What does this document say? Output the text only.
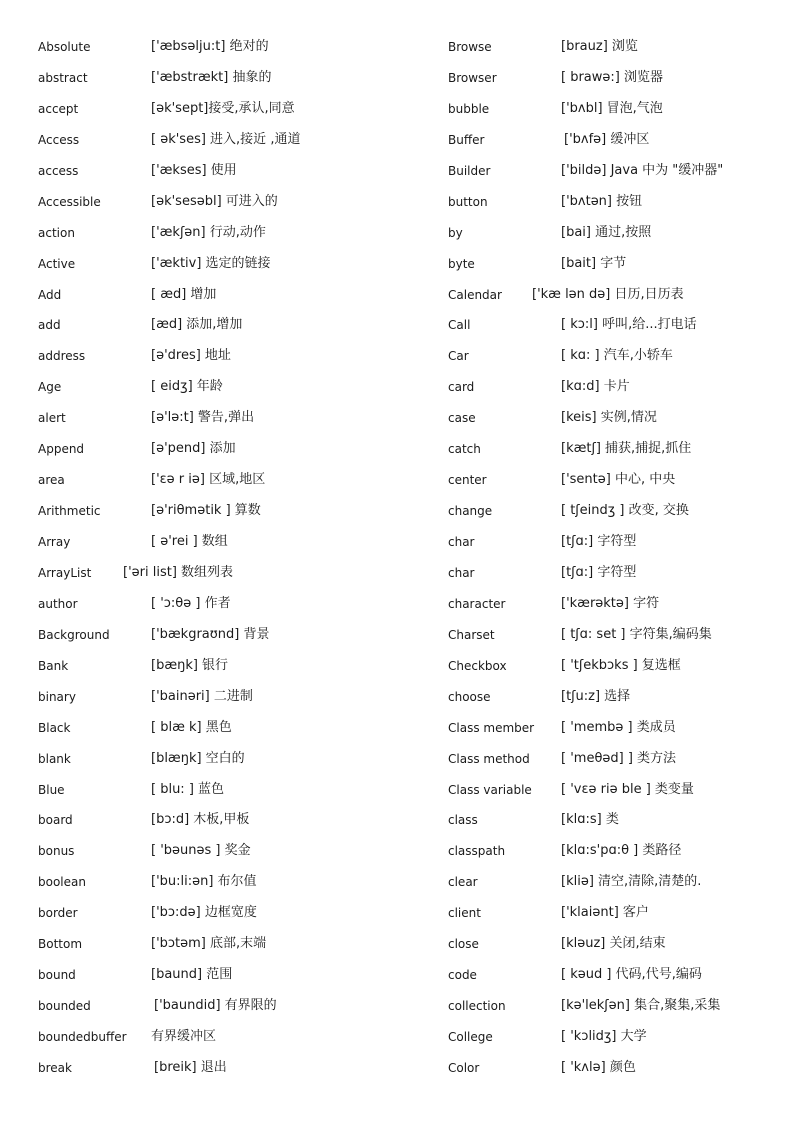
Absolute	['æbsəlju:t] 绝对的
abstract	['æbstrækt] 抽象的
accept	[ək'sept]接受,承认,同意
Access	[ ək'ses] 进入,接近 ,通道
access	['ækses] 使用
Accessible	[ək'sesəbl] 可进入的
action	['ækʃən] 行动,动作
Active	['æktiv] 选定的链接
Add	[ æd] 增加
add	[æd] 添加,增加
address	[ə'dres] 地址
Age	[ eidʒ] 年龄
alert	[ə'lə:t] 警告,弹出
Append	[ə'pend] 添加
area	['ɛə r iə] 区域,地区
Arithmetic	[ə'riθmətik ] 算数
Array	[ ə'rei ] 数组
ArrayList ['əri list] 数组列表
author	[ 'ɔ:θə ] 作者
Background	['bækgraʊnd] 背景
Bank	[bæŋk] 银行
binary	['bainəri] 二进制
Black	[ blæ k] 黑色
blank	[blæŋk] 空白的
Blue	[ blu: ] 蓝色
board	[bɔ:d] 木板,甲板
bonus	[ 'bəunəs ] 奖金
boolean	['bu:li:ən] 布尔值
border	['bɔ:də] 边框宽度
Bottom	['bɔtəm] 底部,末端
bound	[baund] 范围
bounded	['baundid] 有界限的
boundedbuffer 有界缓冲区
break	[breik] 退出
Browse	[brauz] 浏览
Browser	[ brawə:] 浏览器
bubble	['bʌbl] 冒泡,气泡
Buffer	['bʌfə] 缓冲区
Builder	['bildə] Java 中为 "缓冲器"
button	['bʌtən] 按钮
by	[bai] 通过,按照
byte	[bait] 字节
Calendar ['kæ lən də] 日历,日历表
Call	[ kɔ:l] 呼叫,给...打电话
Car	[ kɑ: ] 汽车,小轿车
card	[kɑ:d] 卡片
case	[keis] 实例,情况
catch	[kætʃ] 捕获,捕捉,抓住
center	['sentə] 中心, 中央
change	[ tʃeindʒ ] 改变, 交换
char	[tʃɑ:] 字符型
char	[tʃɑ:] 字符型
character	['kærəktə] 字符
Charset	[ tʃɑ: set ] 字符集,编码集
Checkbox	[ 'tʃekbɔks ] 复选框
choose	[tʃu:z] 选择
Class member [ 'membə ] 类成员
Class method [ 'meθəd] ] 类方法
Class variable [ 'vɛə riə ble ] 类变量
class	[klɑ:s] 类
classpath	[klɑ:s'pɑ:θ ] 类路径
clear	[kliə] 清空,清除,清楚的.
client	['klaiənt] 客户
close	[kləuz] 关闭,结束
code	[ kəud ] 代码,代号,编码
collection	[kə'lekʃən] 集合,聚集,采集
College	[ 'kɔlidʒ] 大学
Color	[ 'kʌlə] 颜色
